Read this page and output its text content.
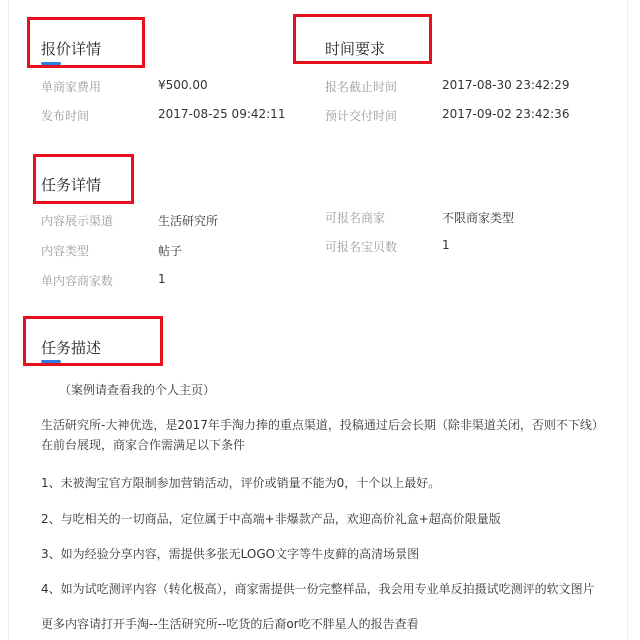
报价详情
单商家费用	¥500.00
发布时间	2017-08-25 09:42:11
时间要求
报名截止时间	2017-08-30 23:42:29
预计交付时间	2017-09-02 23:42:36
任务详情
内容展示渠道	生活研究所
内容类型	帖子
单内容商家数	1
可报名商家	不限商家类型
可报名宝贝数	1
任务描述
（案例请查看我的个人主页）
生活研究所-大神优选，是2017年手淘力捧的重点渠道，投稿通过后会长期（除非渠道关闭，否则不下线）在前台展现，商家合作需满足以下条件
1、未被淘宝官方限制参加营销活动，评价或销量不能为0，十个以上最好。
2、与吃相关的一切商品，定位属于中高端+非爆款产品，欢迎高价礼盒+超高价限量版
3、如为经验分享内容，需提供多张无LOGO文字等牛皮藓的高清场景图
4、如为试吃测评内容（转化极高），商家需提供一份完整样品，我会用专业单反拍摄试吃测评的软文图片
更多内容请打开手淘--生活研究所--吃货的后裔or吃不胖星人的报告查看
